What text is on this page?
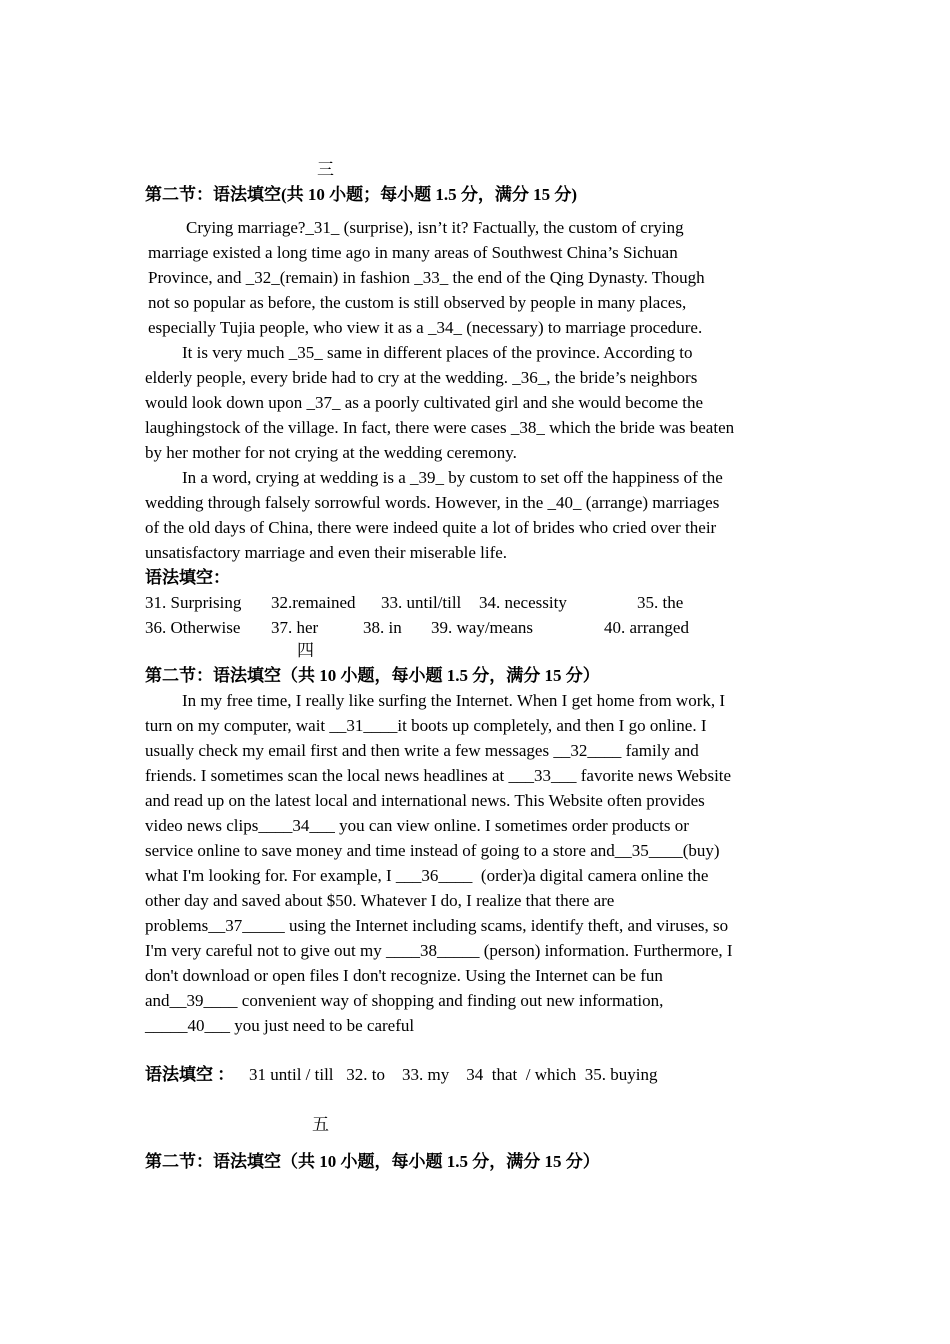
三
第二节：语法填空(共 10 小题；每小题 1.5 分，满分 15 分)
Crying marriage?_31_ (surprise), isn’t it? Factually, the custom of crying
marriage existed a long time ago in many areas of Southwest China’s Sichuan
Province, and _32_(remain) in fashion _33_ the end of the Qing Dynasty. Though
not so popular as before, the custom is still observed by people in many places,
especially Tujia people, who view it as a _34_ (necessary) to marriage procedure.
It is very much _35_ same in different places of the province. According to
elderly people, every bride had to cry at the wedding. _36_, the bride’s neighbors
would look down upon _37_ as a poorly cultivated girl and she would become the
laughingstock of the village. In fact, there were cases _38_ which the bride was beaten
by her mother for not crying at the wedding ceremony.
In a word, crying at wedding is a _39_ by custom to set off the happiness of the
wedding through falsely sorrowful words. However, in the _40_ (arrange) marriages
of the old days of China, there were indeed quite a lot of brides who cried over their
unsatisfactory marriage and even their miserable life.
语法填空：
31. Surprising 32.remained 33. until/till 34. necessity	35. the
36. Otherwise 37. her	38. in 39. way/means	40. arranged
四
第二节：语法填空（共 10 小题，每小题 1.5 分，满分 15 分）
In my free time, I really like surfing the Internet. When I get home from work, I
turn on my computer, wait __31____it boots up completely, and then I go online. I
usually check my email first and then write a few messages __32____ family and
friends. I sometimes scan the local news headlines at ___33___ favorite news Website
and read up on the latest local and international news. This Website often provides
video news clips____34___ you can view online. I sometimes order products or
service online to save money and time instead of going to a store and__35____(buy)
what I'm looking for. For example, I ___36____  (order)a digital camera online the
other day and saved about $50. Whatever I do, I realize that there are
problems__37_____ using the Internet including scams, identify theft, and viruses, so
I'm very careful not to give out my ____38_____ (person) information. Furthermore, I
don't download or open files I don't recognize. Using the Internet can be fun
and__39____ convenient way of shopping and finding out new information,
_____40___ you just need to be careful
语法填空 ： 31 until / till   32. to    33. my    34  that  / which  35. buying
五
第二节：语法填空（共 10 小题，每小题 1.5 分，满分 15 分）
